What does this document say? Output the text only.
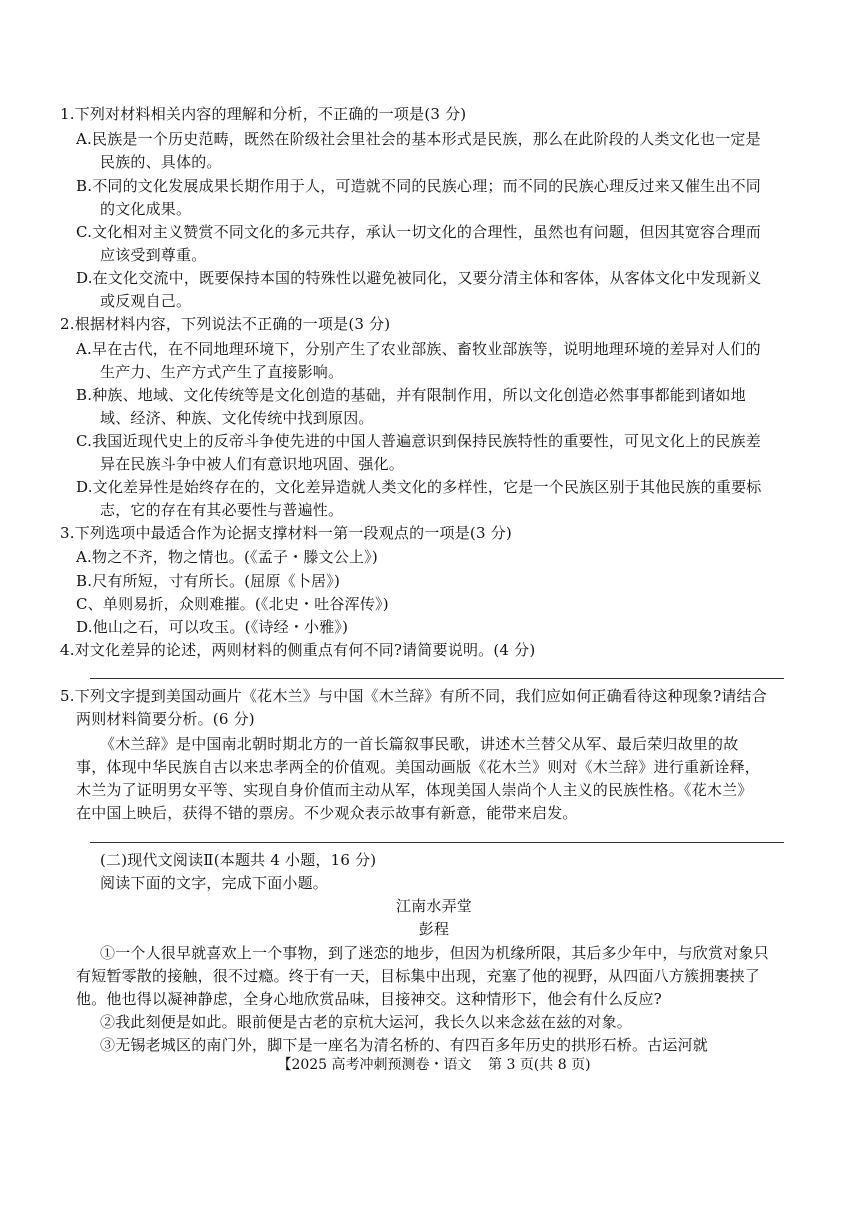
1.下列对材料相关内容的理解和分析，不正确的一项是(3 分)
A.民族是一个历史范畴，既然在阶级社会里社会的基本形式是民族，那么在此阶段的人类文化也一定是
民族的、具体的。
B.不同的文化发展成果长期作用于人，可造就不同的民族心理；而不同的民族心理反过来又催生出不同
的文化成果。
C.文化相对主义赞赏不同文化的多元共存，承认一切文化的合理性，虽然也有问题，但因其宽容合理而
应该受到尊重。
D.在文化交流中，既要保持本国的特殊性以避免被同化，又要分清主体和客体，从客体文化中发现新义
或反观自己。
2.根据材料内容，下列说法不正确的一项是(3 分)
A.早在古代，在不同地理环境下，分别产生了农业部族、畜牧业部族等，说明地理环境的差异对人们的
生产力、生产方式产生了直接影响。
B.种族、地域、文化传统等是文化创造的基础，并有限制作用，所以文化创造必然事事都能到诸如地
域、经济、种族、文化传统中找到原因。
C.我国近现代史上的反帝斗争使先进的中国人普遍意识到保持民族特性的重要性，可见文化上的民族差
异在民族斗争中被人们有意识地巩固、强化。
D.文化差异性是始终存在的，文化差异造就人类文化的多样性，它是一个民族区别于其他民族的重要标
志，它的存在有其必要性与普遍性。
3.下列选项中最适合作为论据支撑材料一第一段观点的一项是(3 分)
A.物之不齐，物之情也。(《孟子・滕文公上》)
B.尺有所短，寸有所长。(屈原《卜居》)
C、单则易折，众则难摧。(《北史・吐谷浑传》)
D.他山之石，可以攻玉。(《诗经・小雅》)
4.对文化差异的论述，两则材料的侧重点有何不同?请简要说明。(4 分)
5.下列文字提到美国动画片《花木兰》与中国《木兰辞》有所不同，我们应如何正确看待这种现象?请结合
两则材料简要分析。(6 分)
《木兰辞》是中国南北朝时期北方的一首长篇叙事民歌，讲述木兰替父从军、最后荣归故里的故
事，体现中华民族自古以来忠孝两全的价值观。美国动画版《花木兰》则对《木兰辞》进行重新诠释，
木兰为了证明男女平等、实现自身价值而主动从军，体现美国人崇尚个人主义的民族性格。《花木兰》
在中国上映后，获得不错的票房。不少观众表示故事有新意，能带来启发。
(二)现代文阅读Ⅱ(本题共 4 小题，16 分)
阅读下面的文字，完成下面小题。
江南水弄堂
彭程
①一个人很早就喜欢上一个事物，到了迷恋的地步，但因为机缘所限，其后多少年中，与欣赏对象只
有短暂零散的接触，很不过瘾。终于有一天，目标集中出现，充塞了他的视野，从四面八方簇拥裹挟了
他。他也得以凝神静虑，全身心地欣赏品味，目接神交。这种情形下，他会有什么反应?
②我此刻便是如此。眼前便是古老的京杭大运河，我长久以来念兹在兹的对象。
③无锡老城区的南门外，脚下是一座名为清名桥的、有四百多年历史的拱形石桥。古运河就
【2025 高考冲刺预测卷・语文 第 3 页(共 8 页)
